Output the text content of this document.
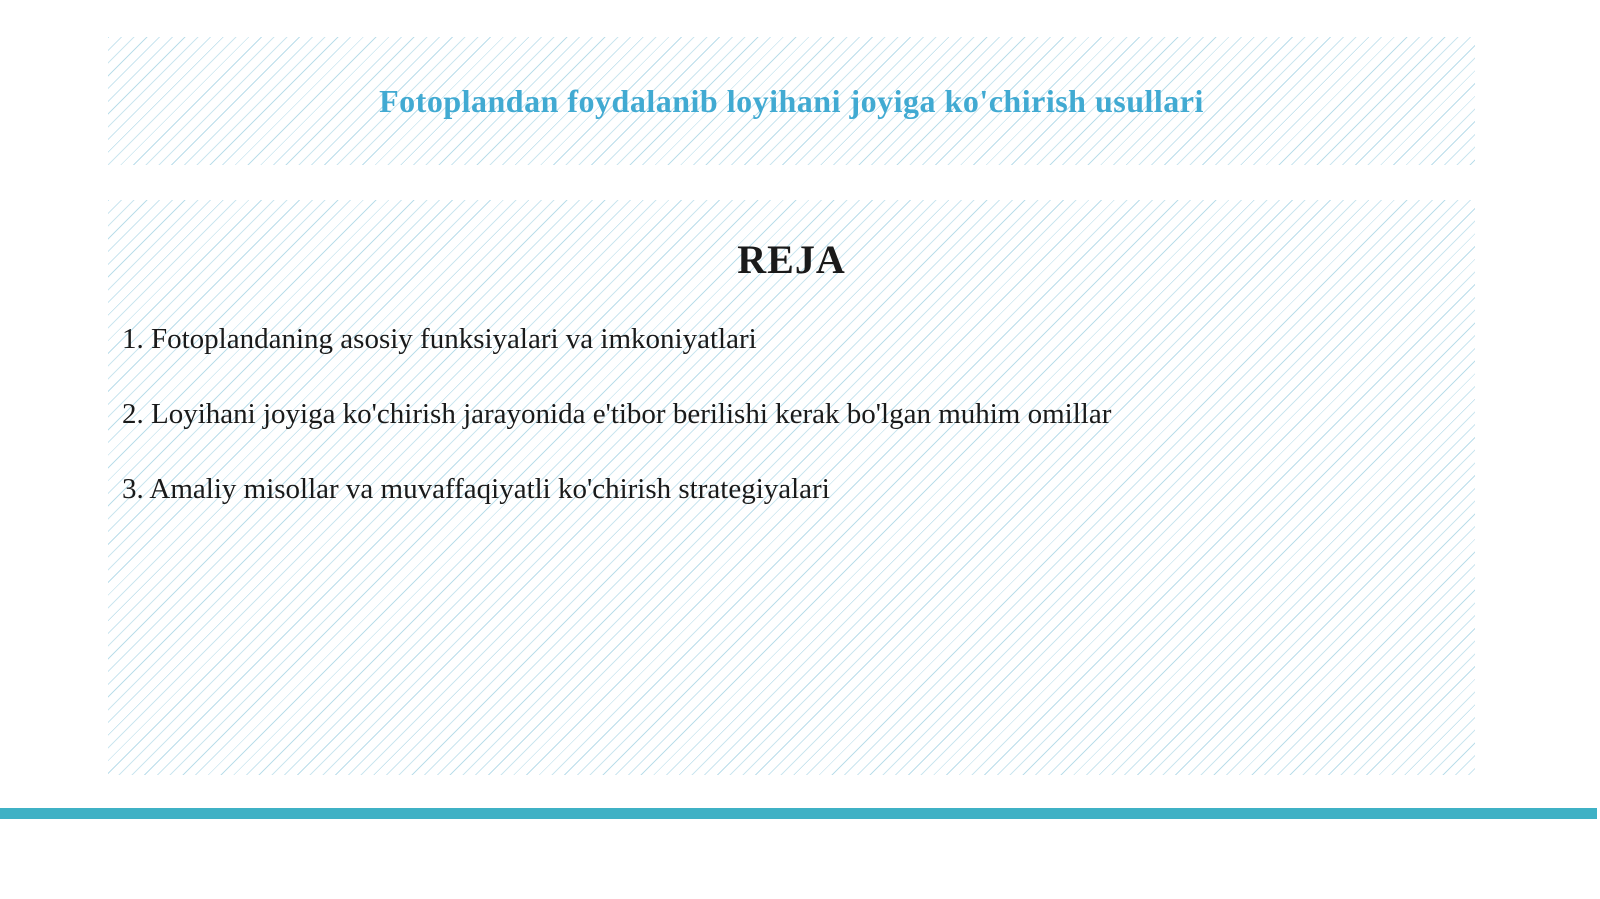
Fotoplandan foydalanib loyihani joyiga ko'chirish usullari
REJA
1. Fotoplandaning asosiy funksiyalari va imkoniyatlari
2. Loyihani joyiga ko'chirish jarayonida e'tibor berilishi kerak bo'lgan muhim omillar
3. Amaliy misollar va muvaffaqiyatli ko'chirish strategiyalari
